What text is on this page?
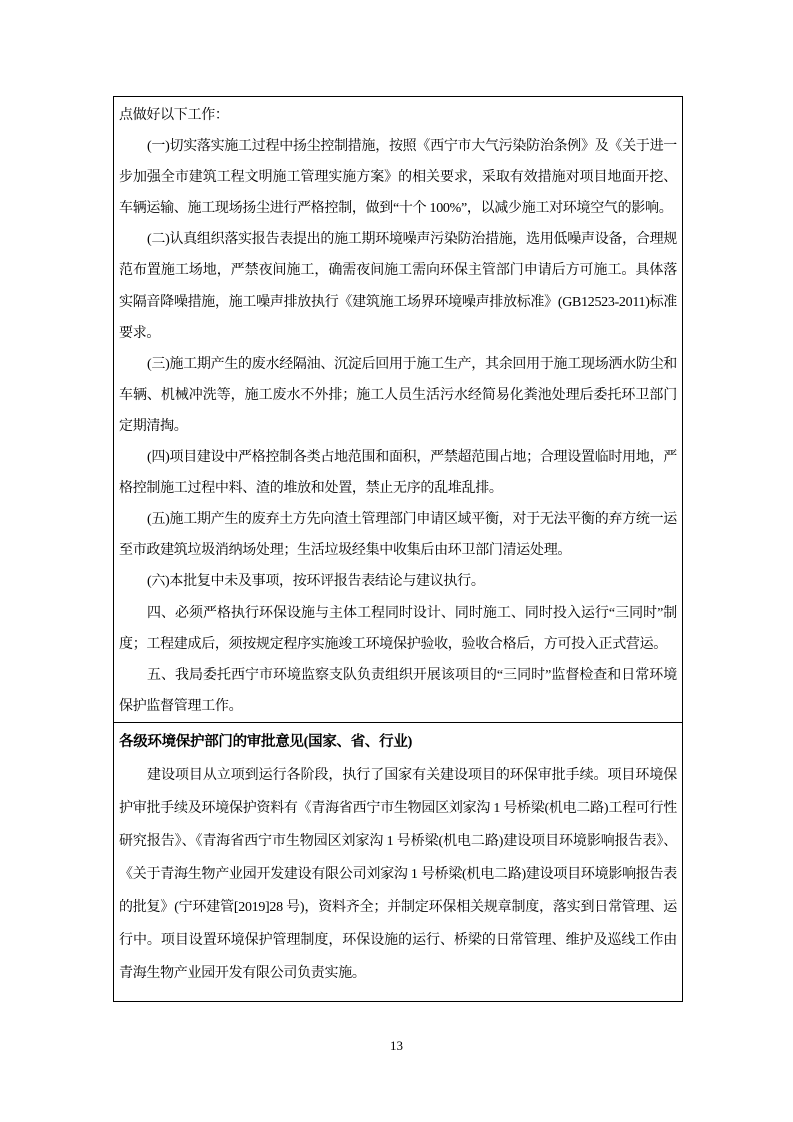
点做好以下工作：

(一)切实落实施工过程中扬尘控制措施，按照《西宁市大气污染防治条例》及《关于进一步加强全市建筑工程文明施工管理实施方案》的相关要求，采取有效措施对项目地面开挖、车辆运输、施工现场扬尘进行严格控制，做到“十个 100%”，以减少施工对环境空气的影响。

(二)认真组织落实报告表提出的施工期环境噪声污染防治措施，选用低噪声设备，合理规范布置施工场地，严禁夜间施工，确需夜间施工需向环保主管部门申请后方可施工。具体落实隔音降噪措施，施工噪声排放执行《建筑施工场界环境噪声排放标准》(GB12523-2011)标准要求。

(三)施工期产生的废水经隔油、沉淀后回用于施工生产，其余回用于施工现场洒水防尘和车辆、机械冲洗等，施工废水不外排；施工人员生活污水经简易化粪池处理后委托环卫部门定期清掏。

(四)项目建设中严格控制各类占地范围和面积，严禁超范围占地；合理设置临时用地，严格控制施工过程中料、渣的堆放和处置，禁止无序的乱堆乱排。

(五)施工期产生的废弃土方先向渣土管理部门申请区域平衡，对于无法平衡的弃方统一运至市政建筑垃圾消纳场处理；生活垃圾经集中收集后由环卫部门清运处理。

(六)本批复中未及事项，按环评报告表结论与建议执行。

四、必须严格执行环保设施与主体工程同时设计、同时施工、同时投入运行“三同时”制度；工程建成后，须按规定程序实施竣工环境保护验收，验收合格后，方可投入正式营运。

五、我局委托西宁市环境监察支队负责组织开展该项目的“三同时”监督检查和日常环境保护监督管理工作。

各级环境保护部门的审批意见(国家、省、行业)

建设项目从立项到运行各阶段，执行了国家有关建设项目的环保审批手续。项目环境保护审批手续及环境保护资料有《青海省西宁市生物园区刘家沟 1 号桥梁(机电二路)工程可行性研究报告》、《青海省西宁市生物园区刘家沟 1 号桥梁(机电二路)建设项目环境影响报告表》、《关于青海生物产业园开发建设有限公司刘家沟 1 号桥梁(机电二路)建设项目环境影响报告表的批复》(宁环建管[2019]28 号)，资料齐全；并制定环保相关规章制度，落实到日常管理、运行中。项目设置环境保护管理制度，环保设施的运行、桥梁的日常管理、维护及巡线工作由青海生物产业园开发有限公司负责实施。

13
